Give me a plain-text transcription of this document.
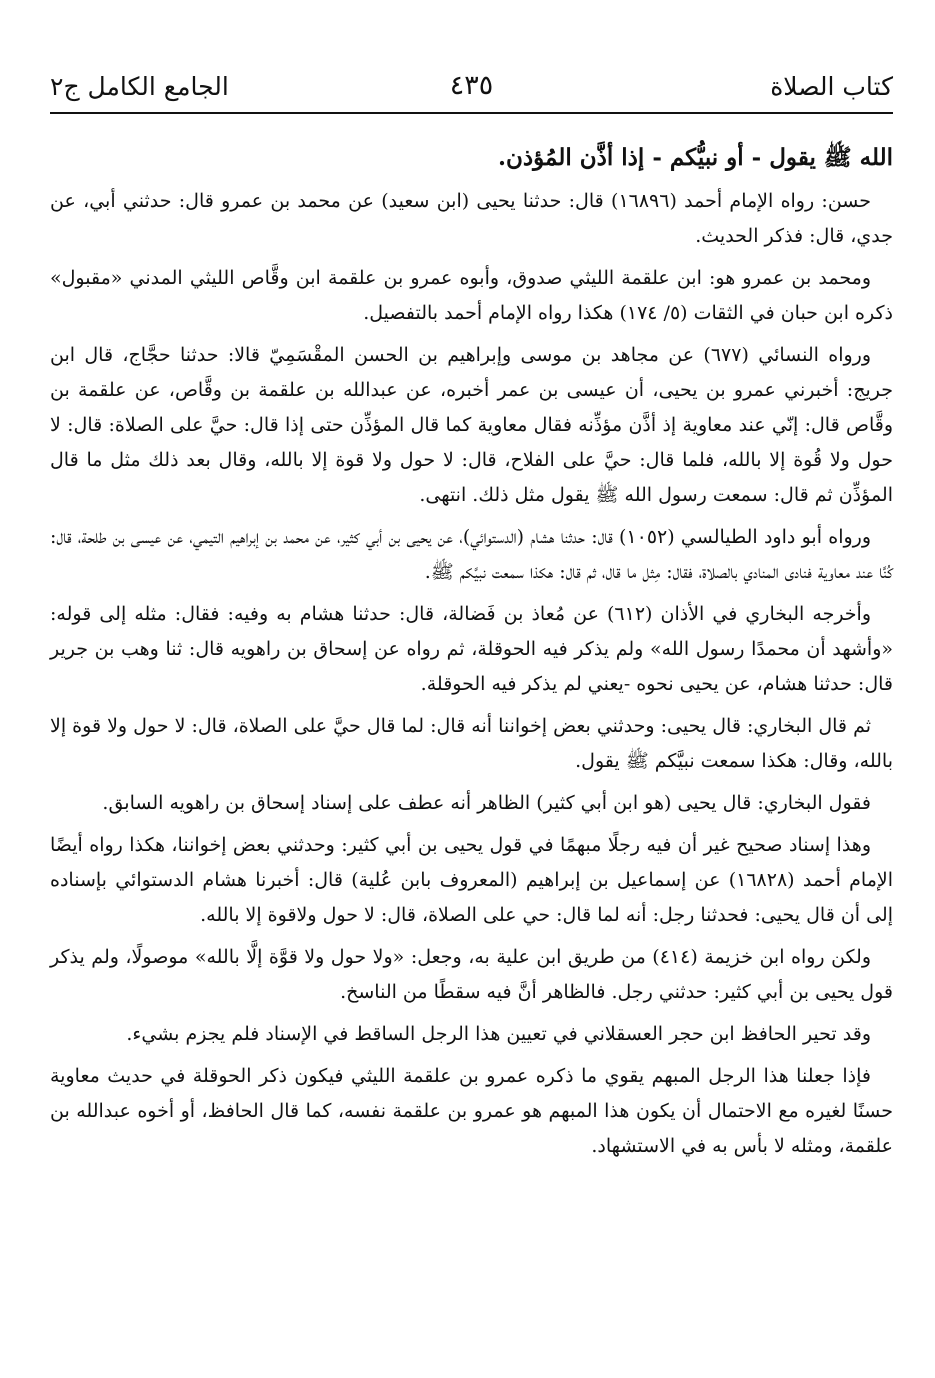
كتاب الصلاة
٤٣٥
الجامع الكامل ج٢

الله ﷺ يقول - أو نبيُّكم - إذا أذَّن المُؤذن.

حسن: رواه الإمام أحمد (١٦٨٩٦) قال: حدثنا يحيى (ابن سعيد) عن محمد بن عمرو قال: حدثني أبي، عن جدي، قال: فذكر الحديث.

ومحمد بن عمرو هو: ابن علقمة الليثي صدوق، وأبوه عمرو بن علقمة ابن وقَّاص الليثي المدني «مقبول» ذكره ابن حبان في الثقات (٥/ ١٧٤) هكذا رواه الإمام أحمد بالتفصيل.

ورواه النسائي (٦٧٧) عن مجاهد بن موسى وإبراهيم بن الحسن المقْسَمِيّ قالا: حدثنا حجَّاج، قال ابن جريج: أخبرني عمرو بن يحيى، أن عيسى بن عمر أخبره، عن عبدالله بن علقمة بن وقَّاص، عن علقمة بن وقَّاص قال: إنّي عند معاوية إذ أذَّن مؤذِّنه فقال معاوية كما قال المؤذِّن حتى إذا قال: حيَّ على الصلاة: قال: لا حول ولا قُوة إلا بالله، فلما قال: حيَّ على الفلاح، قال: لا حول ولا قوة إلا بالله، وقال بعد ذلك مثل ما قال المؤذِّن ثم قال: سمعت رسول الله ﷺ يقول مثل ذلك. انتهى.

ورواه أبو داود الطيالسي (١٠٥٢) قال: حدثنا هشام (الدستوائي)، عن يحيى بن أبي كثير، عن محمد بن إبراهيم التيمي، عن عيسى بن طلحة، قال: كُنَّا عند معاوية فنادى المنادي بالصلاة، فقال: مِثل ما قال، ثم قال: هكذا سمعت نبيَّكم ﷺ.

وأخرجه البخاري في الأذان (٦١٢) عن مُعاذ بن فَضالة، قال: حدثنا هشام به وفيه: فقال: مثله إلى قوله: «وأشهد أن محمدًا رسول الله» ولم يذكر فيه الحوقلة، ثم رواه عن إسحاق بن راهويه قال: ثنا وهب بن جرير قال: حدثنا هشام، عن يحيى نحوه -يعني لم يذكر فيه الحوقلة.

ثم قال البخاري: قال يحيى: وحدثني بعض إخواننا أنه قال: لما قال حيَّ على الصلاة، قال: لا حول ولا قوة إلا بالله، وقال: هكذا سمعت نبيَّكم ﷺ يقول.

فقول البخاري: قال يحيى (هو ابن أبي كثير) الظاهر أنه عطف على إسناد إسحاق بن راهويه السابق.

وهذا إسناد صحيح غير أن فيه رجلًا مبهمًا في قول يحيى بن أبي كثير: وحدثني بعض إخواننا، هكذا رواه أيضًا الإمام أحمد (١٦٨٢٨) عن إسماعيل بن إبراهيم (المعروف بابن عُلية) قال: أخبرنا هشام الدستوائي بإسناده إلى أن قال يحيى: فحدثنا رجل: أنه لما قال: حي على الصلاة، قال: لا حول ولاقوة إلا بالله.

ولكن رواه ابن خزيمة (٤١٤) من طريق ابن علية به، وجعل: «ولا حول ولا قوَّة إلَّا بالله» موصولًا، ولم يذكر قول يحيى بن أبي كثير: حدثني رجل. فالظاهر أنَّ فيه سقطًا من الناسخ.

وقد تحير الحافظ ابن حجر العسقلاني في تعيين هذا الرجل الساقط في الإسناد فلم يجزم بشيء.

فإذا جعلنا هذا الرجل المبهم يقوي ما ذكره عمرو بن علقمة الليثي فيكون ذكر الحوقلة في حديث معاوية حسنًا لغيره مع الاحتمال أن يكون هذا المبهم هو عمرو بن علقمة نفسه، كما قال الحافظ، أو أخوه عبدالله بن علقمة، ومثله لا بأس به في الاستشهاد.
